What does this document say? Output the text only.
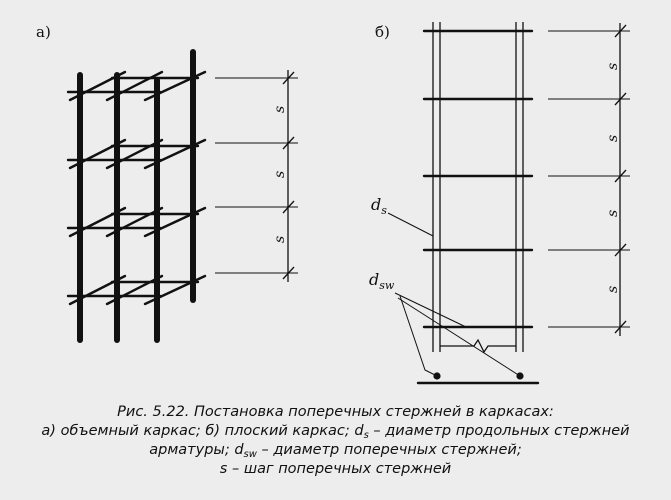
а)
s
s
s
б)
$d_s$
$d_{sw}$
s
s
s
s
Рис. 5.22. Постановка поперечных стержней в каркасах:
а) объемный каркас; б) плоский каркас; $d_s$ – диаметр продольных стержней
арматуры; $d_{sw}$ – диаметр поперечных стержней;
s – шаг поперечных стержней
